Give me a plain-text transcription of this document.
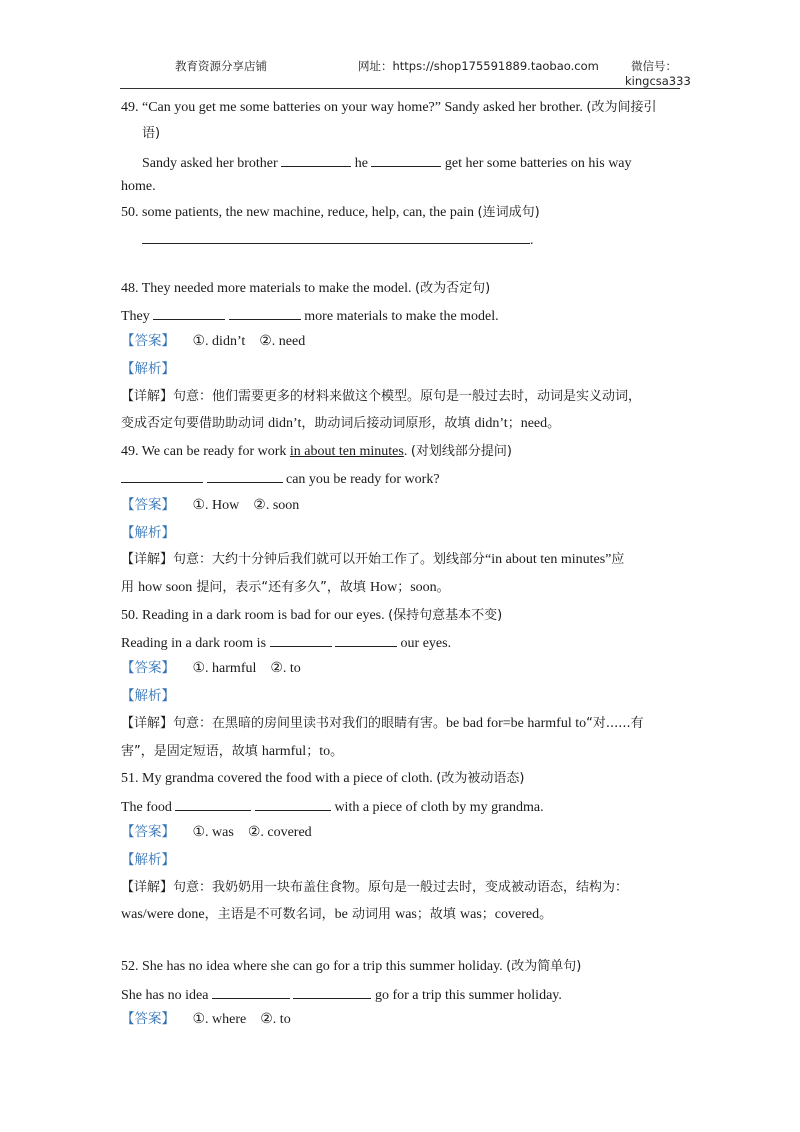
教育资源分享店铺	网址：https://shop175591889.taobao.com	微信号：
kingcsa333
49. “Can you get me some batteries on your way home?” Sandy asked her brother. (改为间接引
语)
Sandy asked her brother	he	get her some batteries on his way
home.
50. some patients, the new machine, reduce, help, can, the pain (连词成句)
.
48. They needed more materials to make the model. (改为否定句)
They	more materials to make the model.
【答案】 ①. didn’t    ②. need
【解析】
【详解】句意：他们需要更多的材料来做这个模型。原句是一般过去时，动词是实义动词，
变成否定句要借助助动词 didn’t，助动词后接动词原形，故填 didn’t；need。
49. We can be ready for work in about ten minutes. (对划线部分提问)
can you be ready for work?
【答案】 ①. How    ②. soon
【解析】
【详解】句意：大约十分钟后我们就可以开始工作了。划线部分“in about ten minutes”应
用 how soon 提问，表示“还有多久”，故填 How；soon。
50. Reading in a dark room is bad for our eyes. (保持句意基本不变)
Reading in a dark room is	our eyes.
【答案】 ①. harmful    ②. to
【解析】
【详解】句意：在黑暗的房间里读书对我们的眼睛有害。be bad for=be harmful to“对......有
害”，是固定短语，故填 harmful；to。
51. My grandma covered the food with a piece of cloth. (改为被动语态)
The food	with a piece of cloth by my grandma.
【答案】 ①. was    ②. covered
【解析】
【详解】句意：我奶奶用一块布盖住食物。原句是一般过去时，变成被动语态，结构为：
was/were done，主语是不可数名词，be 动词用 was；故填 was；covered。
52. She has no idea where she can go for a trip this summer holiday. (改为简单句)
She has no idea	go for a trip this summer holiday.
【答案】 ①. where    ②. to
